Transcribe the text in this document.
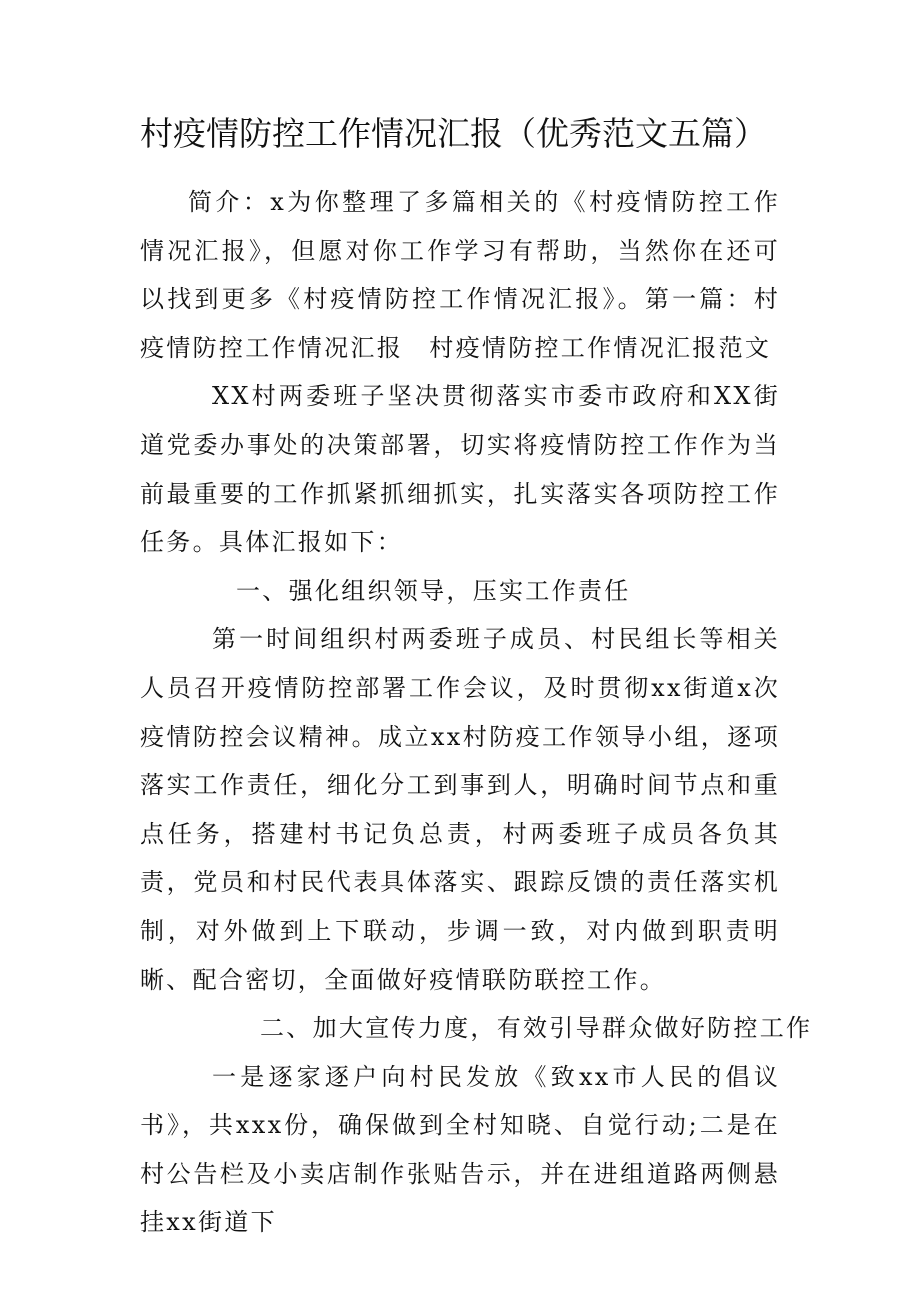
村疫情防控工作情况汇报（优秀范文五篇）

简介：x为你整理了多篇相关的《村疫情防控工作情况汇报》，但愿对你工作学习有帮助，当然你在还可以找到更多《村疫情防控工作情况汇报》。第一篇：村疫情防控工作情况汇报　村疫情防控工作情况汇报范文

XX村两委班子坚决贯彻落实市委市政府和XX街道党委办事处的决策部署，切实将疫情防控工作作为当前最重要的工作抓紧抓细抓实，扎实落实各项防控工作任务。具体汇报如下：

一、强化组织领导，压实工作责任

第一时间组织村两委班子成员、村民组长等相关人员召开疫情防控部署工作会议，及时贯彻xx街道x次疫情防控会议精神。成立xx村防疫工作领导小组，逐项落实工作责任，细化分工到事到人，明确时间节点和重点任务，搭建村书记负总责，村两委班子成员各负其责，党员和村民代表具体落实、跟踪反馈的责任落实机制，对外做到上下联动，步调一致，对内做到职责明晰、配合密切，全面做好疫情联防联控工作。

二、加大宣传力度，有效引导群众做好防控工作

一是逐家逐户向村民发放《致xx市人民的倡议书》，共xxx份，确保做到全村知晓、自觉行动;二是在村公告栏及小卖店制作张贴告示，并在进组道路两侧悬挂xx街道下
